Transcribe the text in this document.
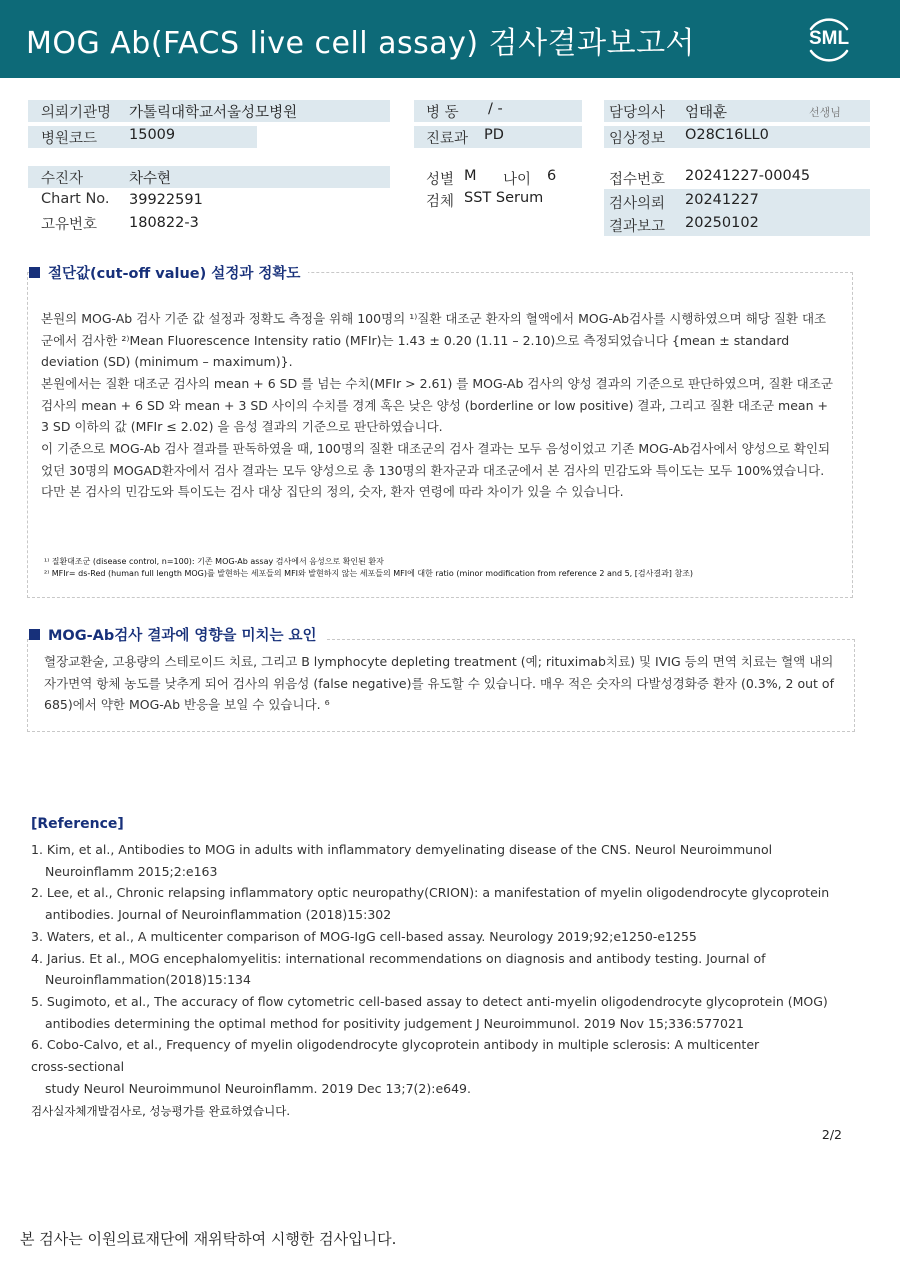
MOG Ab(FACS live cell assay) 검사결과보고서	SML
의뢰기관명 가톨릭대학교서울성모병원
병원코드 15009
수진자	차수현
Chart No. 39922591
고유번호 180822-3
병 동 / -
진료과 PD
성별 M 나이 6
검체 SST Serum
담당의사 엄태훈	선생님
임상정보 O28C16LL0
접수번호 20241227-00045
검사의뢰 20241227
결과보고 20250102
절단값(cut-off value) 설정과 정확도
본원의 MOG-Ab 검사 기준 값 설정과 정확도 측정을 위해 100명의 ¹⁾질환 대조군 환자의 혈액에서 MOG-Ab검사를 시행하였으며 해당 질환 대조군에서 검사한 ²⁾Mean Fluorescence Intensity ratio (MFIr)는 1.43 ± 0.20 (1.11 – 2.10)으로 측정되었습니다 {mean ± standard deviation (SD) (minimum – maximum)}.
본원에서는 질환 대조군 검사의 mean + 6 SD 를 넘는 수치(MFIr > 2.61) 를 MOG-Ab 검사의 양성 결과의 기준으로 판단하였으며, 질환 대조군 검사의 mean + 6 SD 와 mean + 3 SD 사이의 수치를 경계 혹은 낮은 양성 (borderline or low positive) 결과, 그리고 질환 대조군 mean + 3 SD 이하의 값 (MFIr ≤ 2.02) 을 음성 결과의 기준으로 판단하였습니다.
이 기준으로 MOG-Ab 검사 결과를 판독하였을 때, 100명의 질환 대조군의 검사 결과는 모두 음성이었고 기존 MOG-Ab검사에서 양성으로 확인되었던 30명의 MOGAD환자에서 검사 결과는 모두 양성으로 총 130명의 환자군과 대조군에서 본 검사의 민감도와 특이도는 모두 100%였습니다. 다만 본 검사의 민감도와 특이도는 검사 대상 집단의 정의, 숫자, 환자 연령에 따라 차이가 있을 수 있습니다.
¹⁾ 질환대조군 (disease control, n=100): 기존 MOG-Ab assay 검사에서 음성으로 확인된 환자
²⁾ MFIr= ds-Red (human full length MOG)를 발현하는 세포들의 MFI와 발현하지 않는 세포들의 MFI에 대한 ratio (minor modification from reference 2 and 5, [검사결과] 참조)
MOG-Ab검사 결과에 영향을 미치는 요인
혈장교환술, 고용량의 스테로이드 치료, 그리고 B lymphocyte depleting treatment (예; rituximab치료) 및 IVIG 등의 면역 치료는 혈액 내의 자가면역 항체 농도를 낮추게 되어 검사의 위음성 (false negative)를 유도할 수 있습니다. 매우 적은 숫자의 다발성경화증 환자 (0.3%, 2 out of 685)에서 약한 MOG-Ab 반응을 보일 수 있습니다. ⁶
[Reference]
1. Kim, et al., Antibodies to MOG in adults with inflammatory demyelinating disease of the CNS. Neurol Neuroimmunol Neuroinflamm 2015;2:e163
2. Lee, et al., Chronic relapsing inflammatory optic neuropathy(CRION): a manifestation of myelin oligodendrocyte glycoprotein antibodies. Journal of Neuroinflammation (2018)15:302
3. Waters, et al., A multicenter comparison of MOG-IgG cell-based assay. Neurology 2019;92;e1250-e1255
4. Jarius. Et al., MOG encephalomyelitis: international recommendations on diagnosis and antibody testing. Journal of Neuroinflammation(2018)15:134
5. Sugimoto, et al., The accuracy of flow cytometric cell-based assay to detect anti-myelin oligodendrocyte glycoprotein (MOG) antibodies determining the optimal method for positivity judgement J Neuroimmunol. 2019 Nov 15;336:577021
6. Cobo-Calvo, et al., Frequency of myelin oligodendrocyte glycoprotein antibody in multiple sclerosis: A multicenter
cross-sectional
study Neurol Neuroimmunol Neuroinflamm. 2019 Dec 13;7(2):e649.
검사실자체개발검사로, 성능평가를 완료하였습니다.
2/2
본 검사는 이원의료재단에 재위탁하여 시행한 검사입니다.
